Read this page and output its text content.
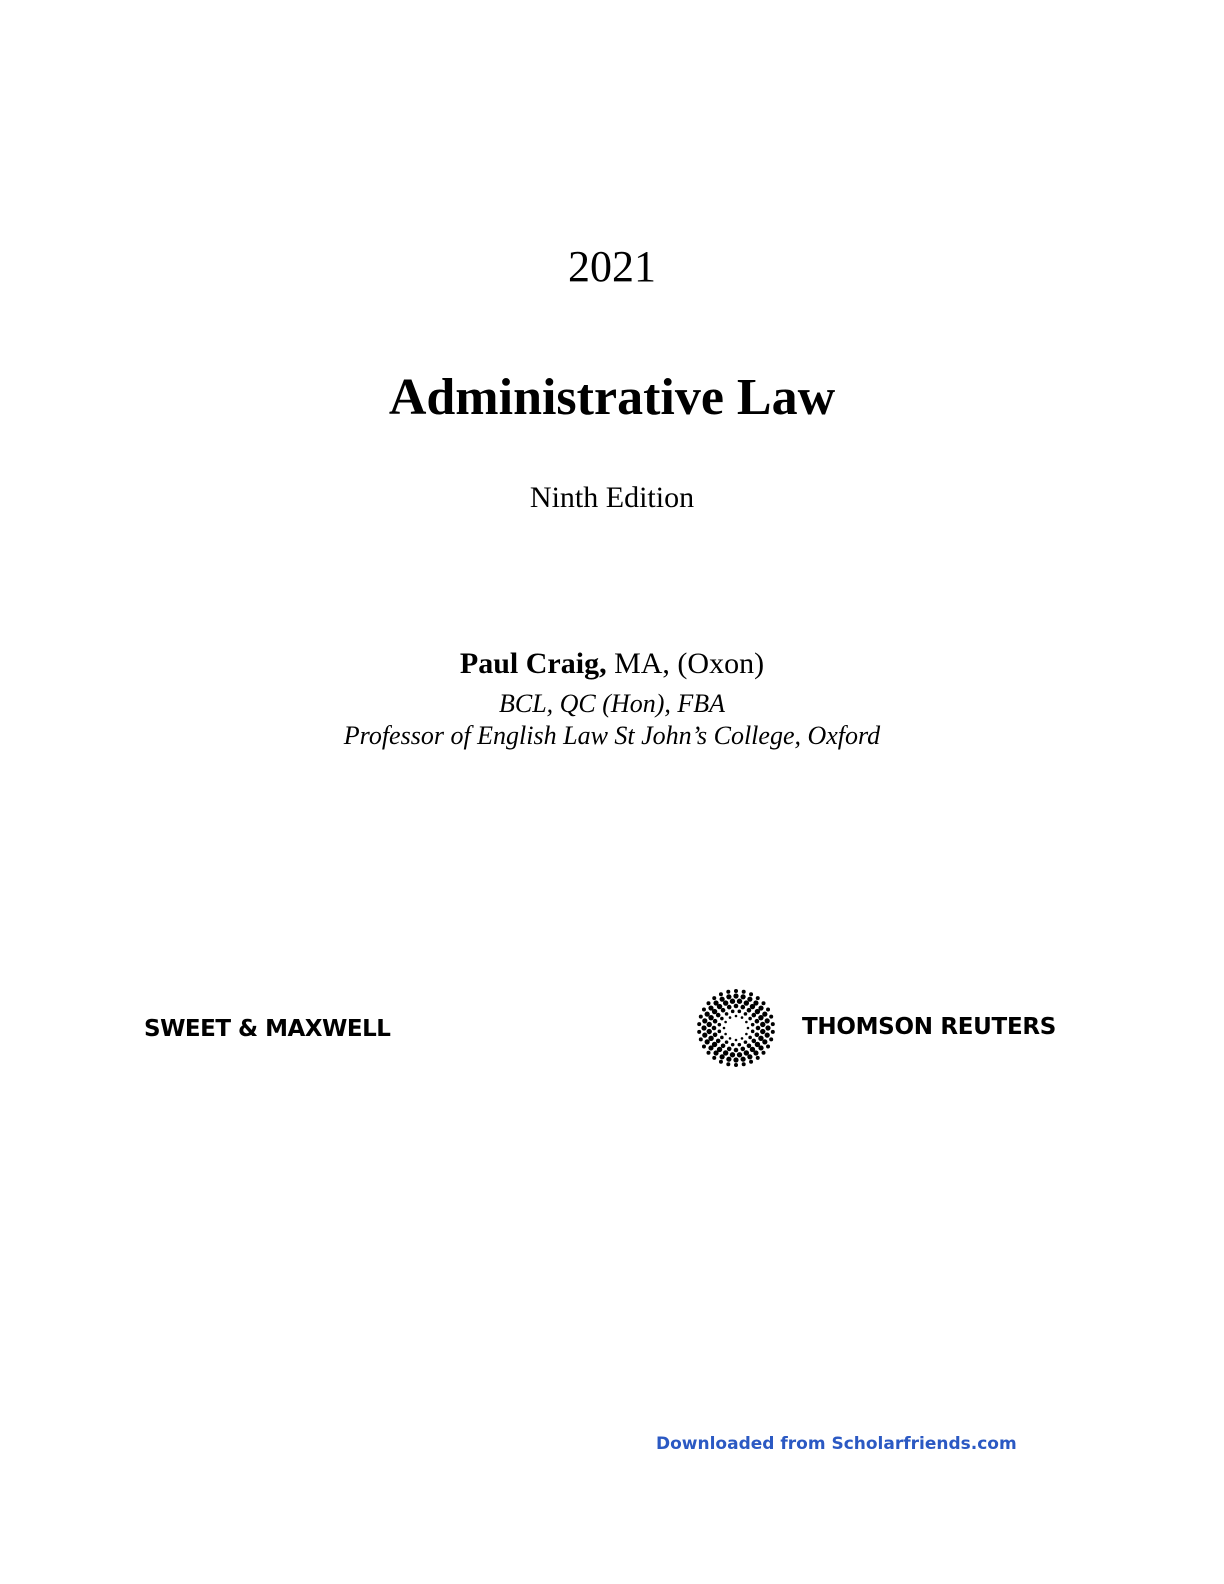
2021
Administrative Law
Ninth Edition
Paul Craig, MA, (Oxon)
BCL, QC (Hon), FBA
Professor of English Law St John’s College, Oxford
SWEET & MAXWELL	THOMSON REUTERS
Downloaded from Scholarfriends.com
